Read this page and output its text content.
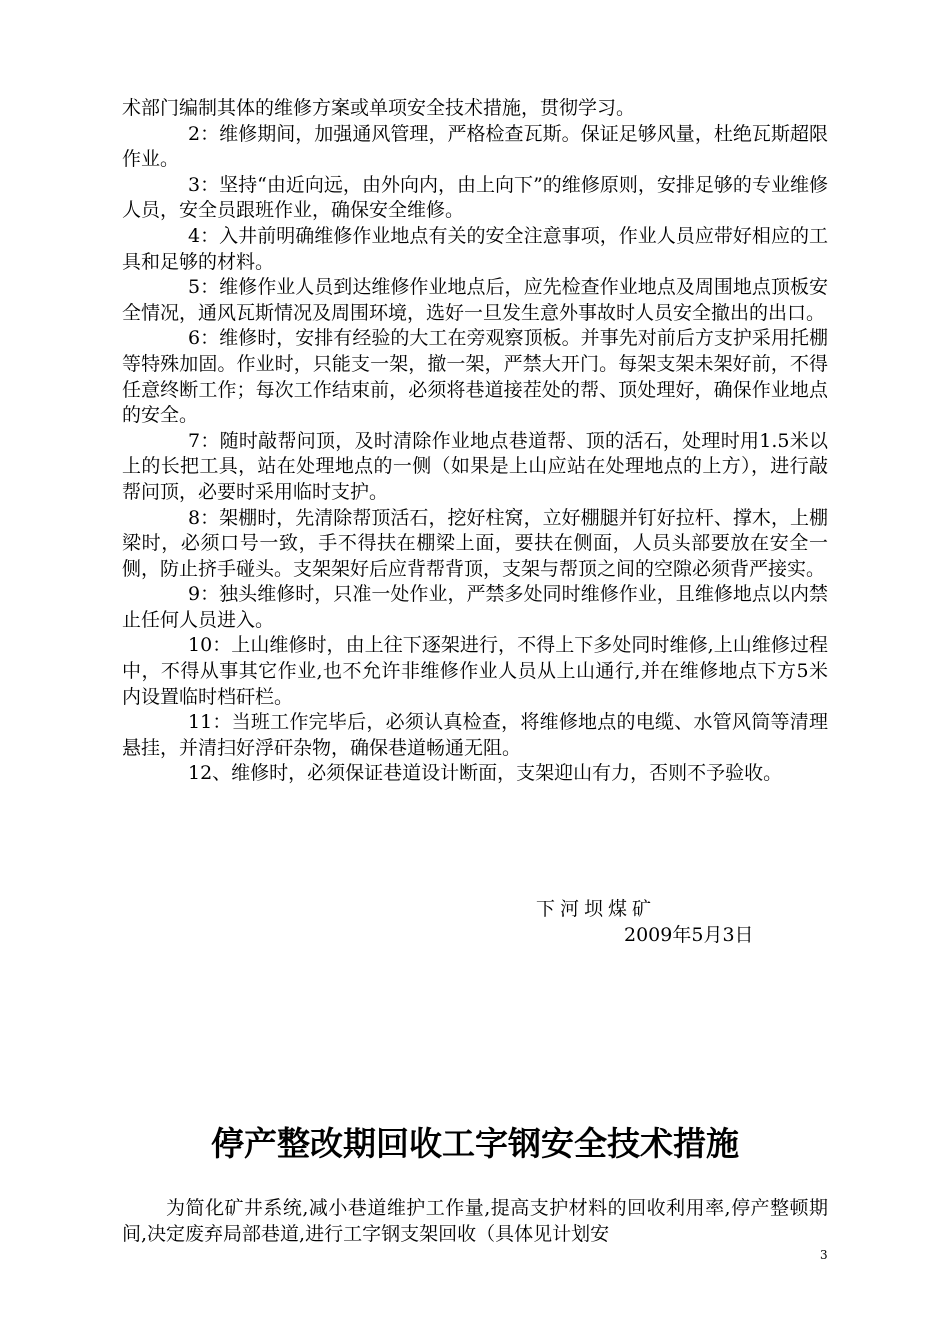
术部门编制其体的维修方案或单项安全技术措施，贯彻学习。

2：维修期间，加强通风管理，严格检查瓦斯。保证足够风量，杜绝瓦斯超限作业。

3：坚持“由近向远，由外向内，由上向下”的维修原则，安排足够的专业维修人员，安全员跟班作业，确保安全维修。

4：入井前明确维修作业地点有关的安全注意事项，作业人员应带好相应的工具和足够的材料。

5：维修作业人员到达维修作业地点后，应先检查作业地点及周围地点顶板安全情况，通风瓦斯情况及周围环境，选好一旦发生意外事故时人员安全撤出的出口。

6：维修时，安排有经验的大工在旁观察顶板。并事先对前后方支护采用托棚等特殊加固。作业时，只能支一架，撤一架，严禁大开门。每架支架未架好前，不得任意终断工作；每次工作结束前，必须将巷道接茬处的帮、顶处理好，确保作业地点的安全。

7：随时敲帮问顶，及时清除作业地点巷道帮、顶的活石，处理时用1.5米以上的长把工具，站在处理地点的一侧（如果是上山应站在处理地点的上方），进行敲帮问顶，必要时采用临时支护。

8：架棚时，先清除帮顶活石，挖好柱窝，立好棚腿并钉好拉杆、撑木，上棚梁时，必须口号一致，手不得扶在棚梁上面，要扶在侧面，人员头部要放在安全一侧，防止挤手碰头。支架架好后应背帮背顶，支架与帮顶之间的空隙必须背严接实。

9：独头维修时，只准一处作业，严禁多处同时维修作业，且维修地点以内禁止任何人员进入。

10：上山维修时，由上往下逐架进行，不得上下多处同时维修,上山维修过程中，不得从事其它作业,也不允许非维修作业人员从上山通行,并在维修地点下方5米内设置临时档矸栏。

11：当班工作完毕后，必须认真检查，将维修地点的电缆、水管风筒等清理悬挂，并清扫好浮矸杂物，确保巷道畅通无阻。

12、维修时，必须保证巷道设计断面，支架迎山有力，否则不予验收。

下河坝煤矿
2009年5月3日
停产整改期回收工字钢安全技术措施
为简化矿井系统,减小巷道维护工作量,提高支护材料的回收利用率,停产整顿期间,决定废弃局部巷道,进行工字钢支架回收（具体见计划安
3
